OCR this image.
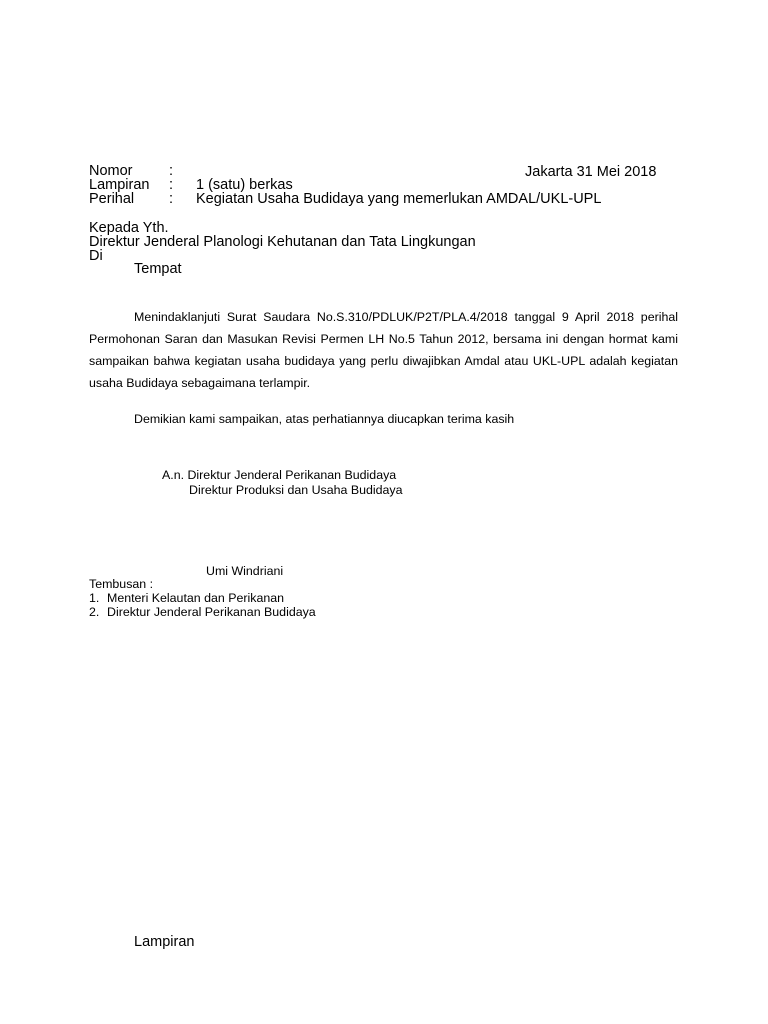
Nomor	:
Lampiran : 1 (satu) berkas
Perihal : Kegiatan Usaha Budidaya yang memerlukan AMDAL/UKL-UPL
Jakarta 31 Mei 2018
Kepada Yth.
Direktur Jenderal Planologi Kehutanan dan Tata Lingkungan
Di
Tempat

Menindaklanjuti Surat Saudara No.S.310/PDLUK/P2T/PLA.4/2018 tanggal 9 April 2018 perihal Permohonan Saran dan Masukan Revisi Permen LH No.5 Tahun 2012, bersama ini dengan hormat kami sampaikan bahwa kegiatan usaha budidaya yang perlu diwajibkan Amdal atau UKL-UPL adalah kegiatan usaha Budidaya sebagaimana terlampir.

Demikian kami sampaikan, atas perhatiannya diucapkan terima kasih
A.n. Direktur Jenderal Perikanan Budidaya
Direktur Produksi dan Usaha Budidaya
Umi Windriani
Tembusan :
1. Menteri Kelautan dan Perikanan
2. Direktur Jenderal Perikanan Budidaya
Lampiran
